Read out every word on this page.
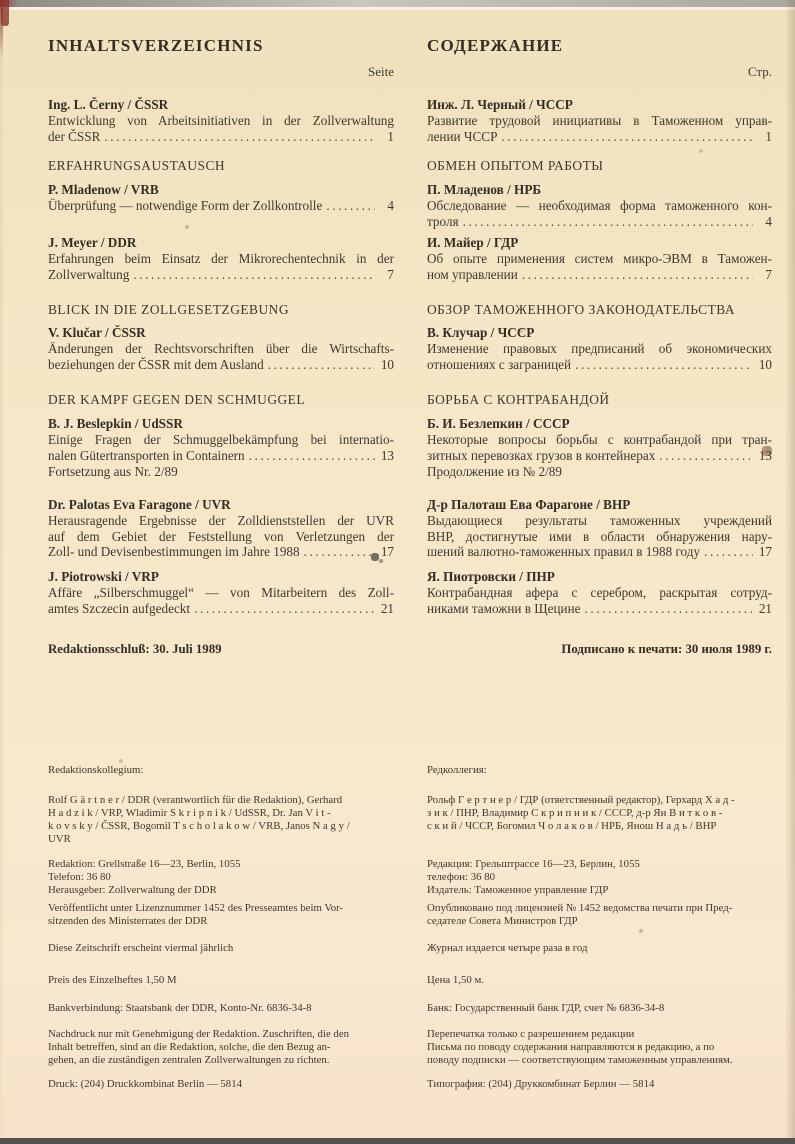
INHALTSVERZEICHNIS
Seite
Ing. L. Černy / ČSSR
Entwicklung von Arbeitsinitiativen in der Zollverwaltung
der ČSSR .....	1
ERFAHRUNGSAUSTAUSCH
P. Mladenow / VRB
Überprüfung — notwendige Form der Zollkontrolle .....	4
J. Meyer / DDR
Erfahrungen beim Einsatz der Mikrorechentechnik in der
Zollverwaltung .....	7
BLICK IN DIE ZOLLGESETZGEBUNG
V. Klučar / ČSSR
Änderungen der Rechtsvorschriften über die Wirtschafts-
beziehungen der ČSSR mit dem Ausland .....	10
DER KAMPF GEGEN DEN SCHMUGGEL
B. J. Beslepkin / UdSSR
Einige Fragen der Schmuggelbekämpfung bei internatio-
nalen Gütertransporten in Containern .....	13
Fortsetzung aus Nr. 2/89
Dr. Palotas Eva Faragone / UVR
Herausragende Ergebnisse der Zolldienststellen der UVR
auf dem Gebiet der Feststellung von Verletzungen der
Zoll- und Devisenbestimmungen im Jahre 1988 .....	17
J. Piotrowski / VRP
Affäre „Silberschmuggel“ — von Mitarbeitern des Zoll-
amtes Szczecin aufgedeckt .....	21
Redaktionsschluß: 30. Juli 1989
СОДЕРЖАНИЕ
Стр.
Инж. Л. Черный / ЧССР
Развитие трудовой инициативы в Таможенном управ-
лении ЧССР .....	1
ОБМЕН ОПЫТОМ РАБОТЫ
П. Младенов / НРБ
Обследование — необходимая форма таможенного кон-
троля .....	4
И. Майер / ГДР
Об опыте применения систем микро-ЭВМ в Таможен-
ном управлении .....	7
ОБЗОР ТАМОЖЕННОГО ЗАКОНОДАТЕЛЬСТВА
В. Клучар / ЧССР
Изменение правовых предписаний об экономических
отношениях с заграницей .....	10
БОРЬБА С КОНТРАБАНДОЙ
Б. И. Безлепкин / СССР
Некоторые вопросы борьбы с контрабандой при тран-
зитных перевозках грузов в контейнерах .....	13
Продолжение из № 2/89
Д-р Палоташ Ева Фарагоне / ВНР
Выдающиеся результаты таможенных учреждений
ВНР, достигнутые ими в области обнаружения нару-
шений валютно-таможенных правил в 1988 году .....	17
Я. Пиотровски / ПНР
Контрабандная афера с серебром, раскрытая сотруд-
никами таможни в Щецине .....	21
Подписано к печати: 30 июля 1989 г.
Redaktionskollegium:
Rolf G ä r t n e r / DDR (verantwortlich für die Redaktion), Gerhard
H a d z i k / VRP, Wladimir S k r i p n i k / UdSSR, Dr. Jan V i t -
k o v s k y / ČSSR, Bogomil T s c h o l a k o w / VRB, Janos N a g y /
UVR
Redaktion: Grellstraße 16—23, Berlin, 1055
Telefon: 36 80
Herausgeber: Zollverwaltung der DDR
Veröffentlicht unter Lizenznummer 1452 des Presseamtes beim Vor-
sitzenden des Ministerrates der DDR
Diese Zeitschrift erscheint viermal jährlich
Preis des Einzelheftes 1,50 M
Bankverbindung: Staatsbank der DDR, Konto-Nr. 6836-34-8
Nachdruck nur mit Genehmigung der Redaktion. Zuschriften, die den
Inhalt betreffen, sind an die Redaktion, solche, die den Bezug an-
gehen, an die zuständigen zentralen Zollverwaltungen zu richten.
Druck: (204) Druckkombinat Berlin — 5814
Редколлегия:
Рольф Г е р т н е р / ГДР (ответственный редактор), Герхард Х а д -
з и к / ПНР, Владимир С к р и п н и к / СССР, д-р Ян В и т к о в -
с к и й / ЧССР, Богомил Ч о л а к о в / НРБ, Янош Н а д ь / ВНР
Редакция: Грельштрассе 16—23, Берлин, 1055
телефон: 36 80
Издатель: Таможенное управление ГДР
Опубликовано под лицензией № 1452 ведомства печати при Пред-
седателе Совета Министров ГДР
Журнал издается четыре раза в год
Цена 1,50 м.
Банк: Государственный банк ГДР, счет № 6836-34-8
Перепечатка только с разрешением редакции
Письма по поводу содержания направляются в редакцию, а по
поводу подписки — соответствующим таможенным управлениям.
Типография: (204) Друккомбинат Берлин — 5814
